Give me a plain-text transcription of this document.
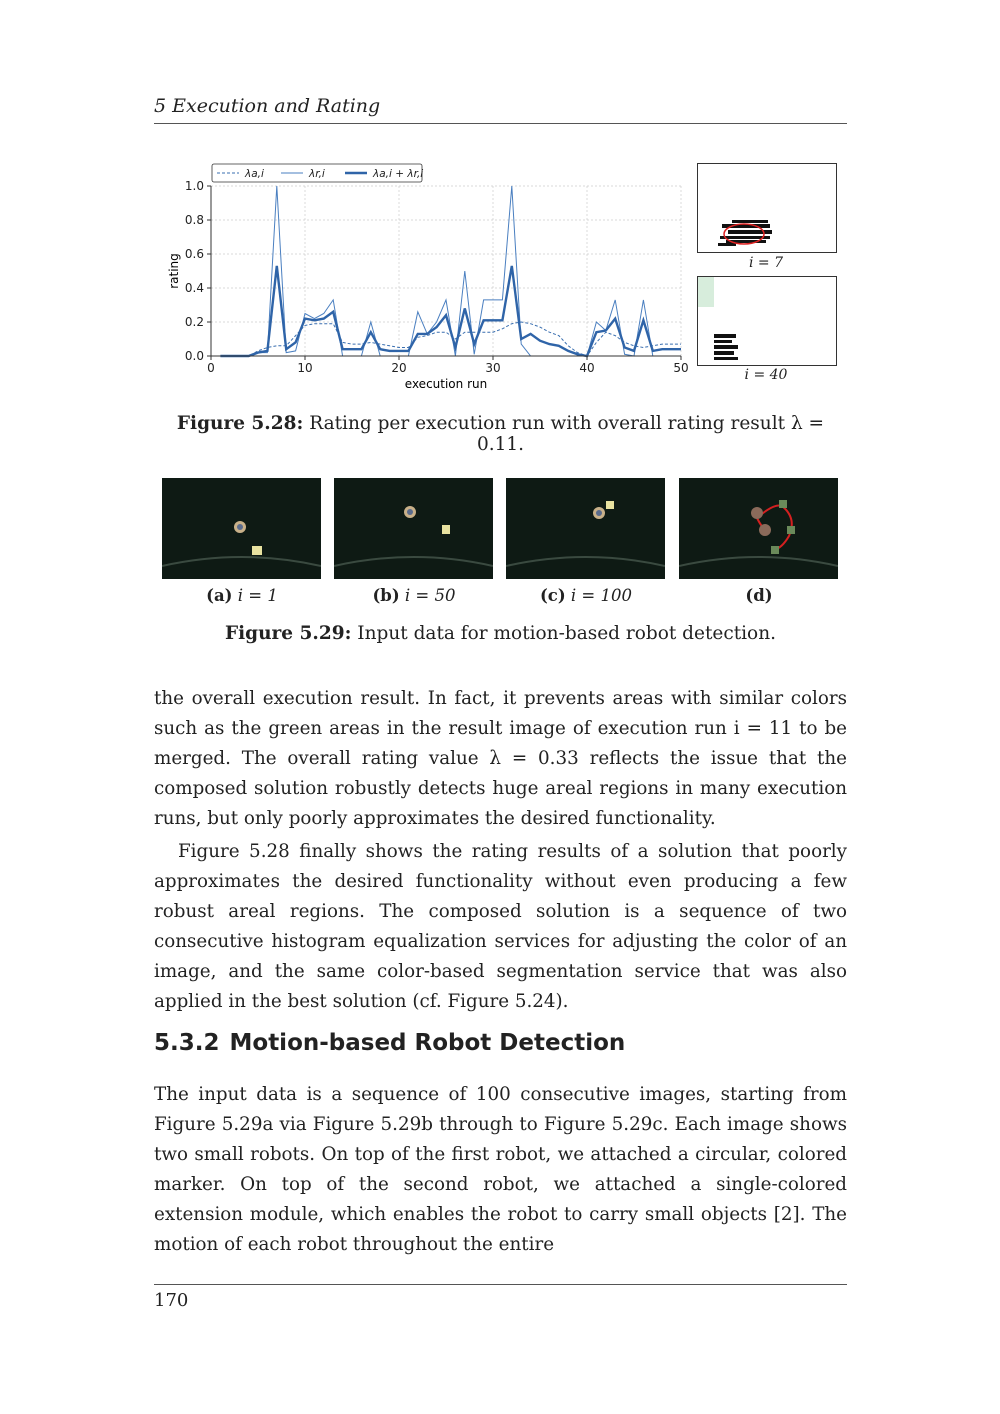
5 Execution and Rating
0	10	20	30	40	50
0.0
0.2
0.4
0.6
0.8
1.0
execution run
rating
λa,i	λr,i	λa,i + λr,i
i = 7
i = 40
Figure 5.28: Rating per execution run with overall rating result λ = 0.11.
(a) i = 1	(b) i = 50	(c) i = 100	(d)
Figure 5.29: Input data for motion-based robot detection.

the overall execution result. In fact, it prevents areas with similar colors such as the green areas in the result image of execution run i = 11 to be merged. The overall rating value λ = 0.33 reflects the issue that the composed solution robustly detects huge areal regions in many execution runs, but only poorly approximates the desired functionality.

Figure 5.28 finally shows the rating results of a solution that poorly approximates the desired functionality without even producing a few robust areal regions. The composed solution is a sequence of two consecutive histogram equalization services for adjusting the color of an image, and the same color-based segmentation service that was also applied in the best solution (cf. Figure 5.24).

5.3.2 Motion-based Robot Detection

The input data is a sequence of 100 consecutive images, starting from Figure 5.29a via Figure 5.29b through to Figure 5.29c. Each image shows two small robots. On top of the first robot, we attached a circular, colored marker. On top of the second robot, we attached a single-colored extension module, which enables the robot to carry small objects [2]. The motion of each robot throughout the entire

170
